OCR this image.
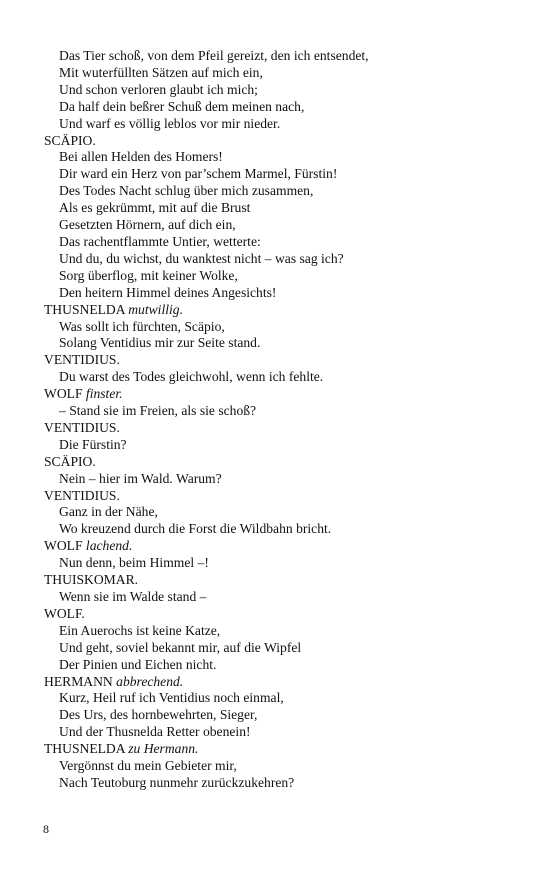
Das Tier schoß, von dem Pfeil gereizt, den ich entsendet,
Mit wuterfüllten Sätzen auf mich ein,
Und schon verloren glaubt ich mich;
Da half dein beßrer Schuß dem meinen nach,
Und warf es völlig leblos vor mir nieder.
SCÄPIO.
Bei allen Helden des Homers!
Dir ward ein Herz von par’schem Marmel, Fürstin!
Des Todes Nacht schlug über mich zusammen,
Als es gekrümmt, mit auf die Brust
Gesetzten Hörnern, auf dich ein,
Das rachentflammte Untier, wetterte:
Und du, du wichst, du wanktest nicht – was sag ich?
Sorg überflog, mit keiner Wolke,
Den heitern Himmel deines Angesichts!
THUSNELDA mutwillig.
Was sollt ich fürchten, Scäpio,
Solang Ventidius mir zur Seite stand.
VENTIDIUS.
Du warst des Todes gleichwohl, wenn ich fehlte.
WOLF finster.
– Stand sie im Freien, als sie schoß?
VENTIDIUS.
Die Fürstin?
SCÄPIO.
Nein – hier im Wald. Warum?
VENTIDIUS.
Ganz in der Nähe,
Wo kreuzend durch die Forst die Wildbahn bricht.
WOLF lachend.
Nun denn, beim Himmel –!
THUISKOMAR.
Wenn sie im Walde stand –
WOLF.
Ein Auerochs ist keine Katze,
Und geht, soviel bekannt mir, auf die Wipfel
Der Pinien und Eichen nicht.
HERMANN abbrechend.
Kurz, Heil ruf ich Ventidius noch einmal,
Des Urs, des hornbewehrten, Sieger,
Und der Thusnelda Retter obenein!
THUSNELDA zu Hermann.
Vergönnst du mein Gebieter mir,
Nach Teutoburg nunmehr zurückzukehren?
8
